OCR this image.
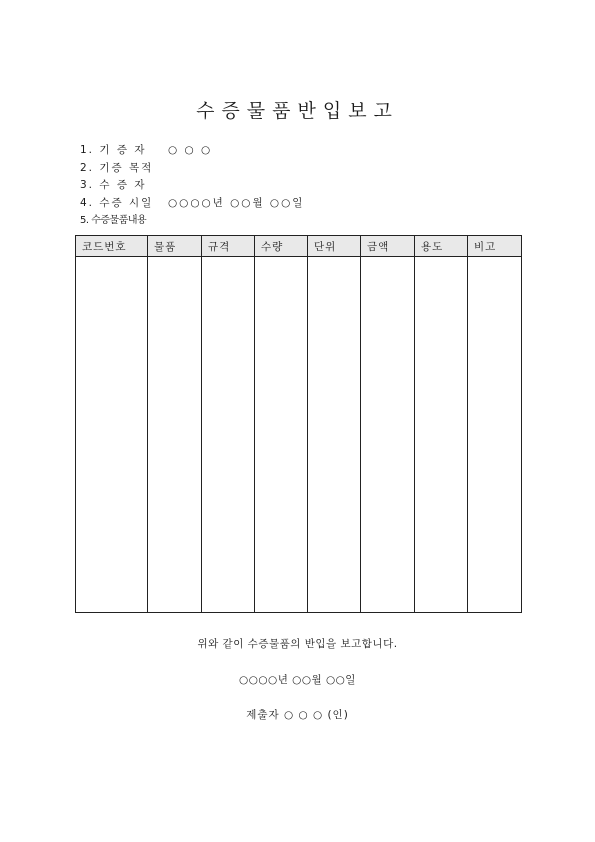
수증물품반입보고
1. 기 증 자 ○ ○ ○
2. 기증 목적
3. 수 증 자
4. 수증 시일 ○○○○년 ○○월 ○○일
5. 수증물품내용
코드번호	물품	규격	수량	단위	금액	용도	비고

위와 같이 수증물품의 반입을 보고합니다.

○○○○년 ○○월 ○○일

제출자 ○ ○ ○ (인)
